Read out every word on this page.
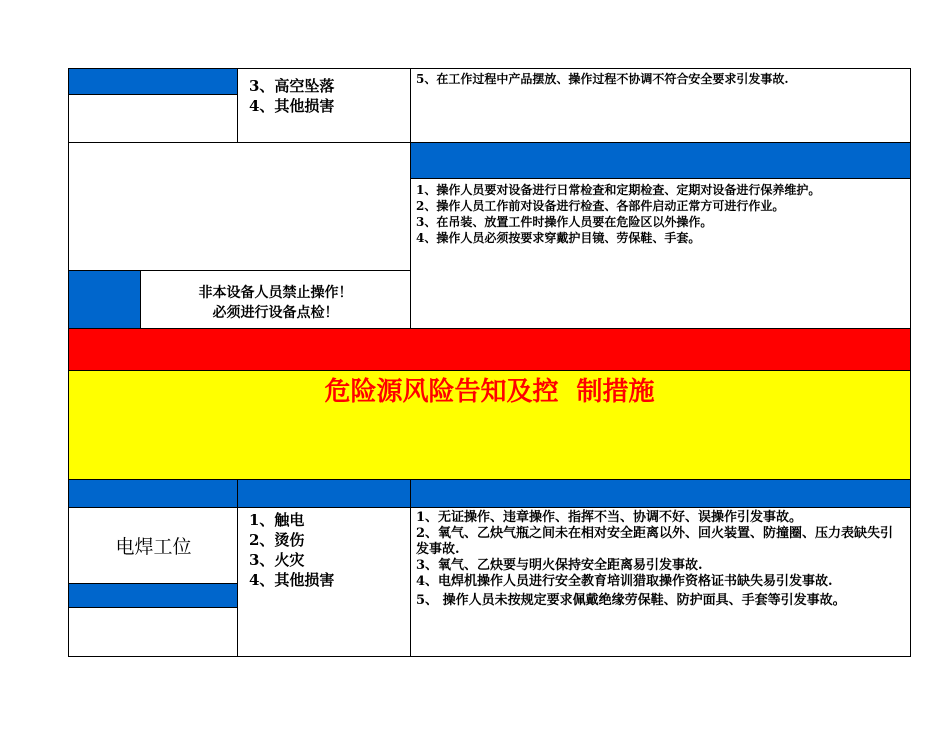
3、高空坠落
4、其他损害
5、在工作过程中产品摆放、操作过程不协调不符合安全要求引发事故.
1、操作人员要对设备进行日常检查和定期检查、定期对设备进行保养维护。
2、操作人员工作前对设备进行检查、各部件启动正常方可进行作业。
3、在吊装、放置工件时操作人员要在危险区以外操作。
4、操作人员必须按要求穿戴护目镜、劳保鞋、手套。
非本设备人员禁止操作！
必须进行设备点检！
危险源风险告知及控  制措施
电焊工位
1、触电
2、烫伤
3、火灾
4、其他损害
1、无证操作、违章操作、指挥不当、协调不好、误操作引发事故。
2、氧气、乙炔气瓶之间未在相对安全距离以外、回火装置、防撞圈、压力表缺失引发事故.
3、氧气、乙炔要与明火保持安全距离易引发事故.
4、电焊机操作人员进行安全教育培训猎取操作资格证书缺失易引发事故.
5、 操作人员未按规定要求佩戴绝缘劳保鞋、防护面具、手套等引发事故。
